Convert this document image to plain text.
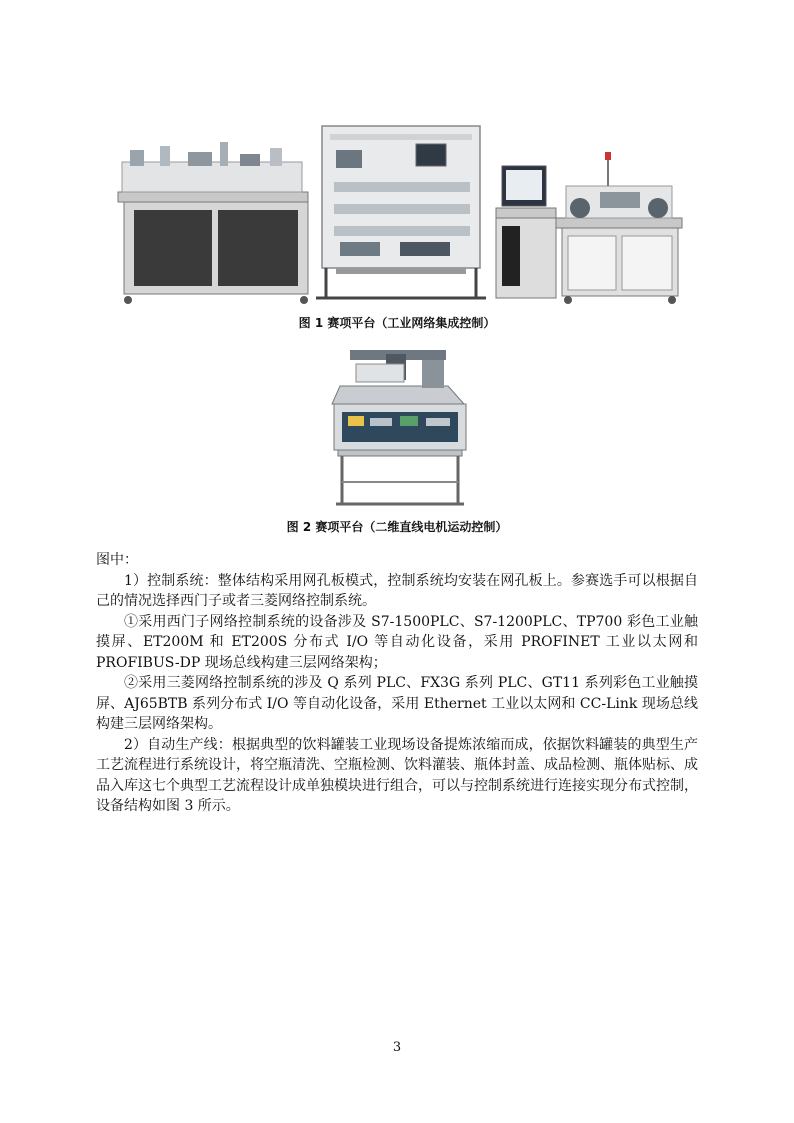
图 1 赛项平台（工业网络集成控制）
图 2 赛项平台（二维直线电机运动控制）

图中：

1）控制系统：整体结构采用网孔板模式，控制系统均安装在网孔板上。参赛选手可以根据自己的情况选择西门子或者三菱网络控制系统。

①采用西门子网络控制系统的设备涉及 S7-1500PLC、S7-1200PLC、TP700 彩色工业触摸屏、ET200M 和 ET200S 分布式 I/O 等自动化设备，采用 PROFINET 工业以太网和 PROFIBUS-DP 现场总线构建三层网络架构；

②采用三菱网络控制系统的涉及 Q 系列 PLC、FX3G 系列 PLC、GT11 系列彩色工业触摸屏、AJ65BTB 系列分布式 I/O 等自动化设备，采用 Ethernet 工业以太网和 CC-Link 现场总线构建三层网络架构。

2）自动生产线：根据典型的饮料罐装工业现场设备提炼浓缩而成，依据饮料罐装的典型生产工艺流程进行系统设计，将空瓶清洗、空瓶检测、饮料灌装、瓶体封盖、成品检测、瓶体贴标、成品入库这七个典型工艺流程设计成单独模块进行组合，可以与控制系统进行连接实现分布式控制，设备结构如图 3 所示。

3
